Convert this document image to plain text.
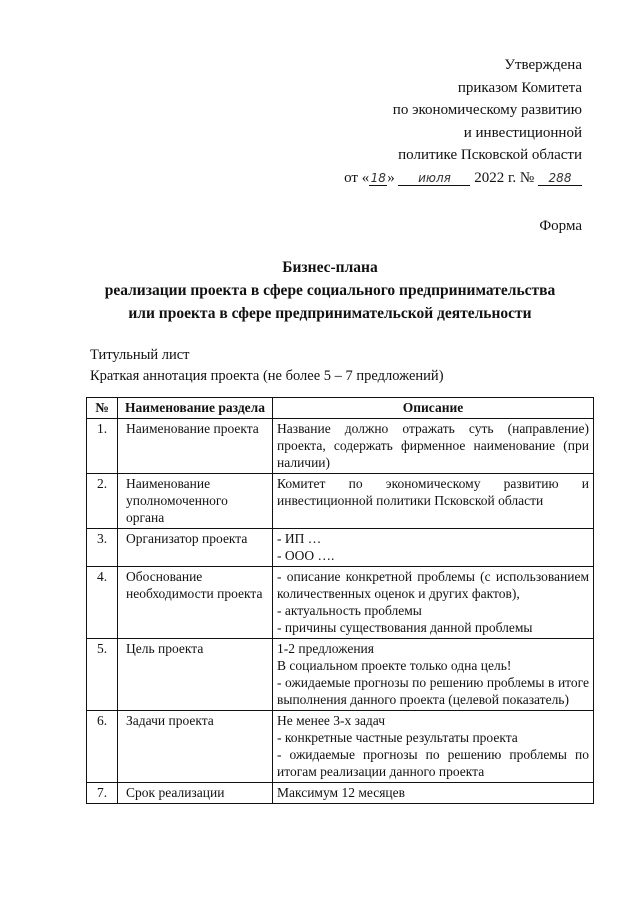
Утверждена
приказом Комитета
по экономическому развитию
и инвестиционной
политике Псковской области
от «18» июля 2022 г. № 288
Форма
Бизнес-плана
реализации проекта в сфере социального предпринимательства
или проекта в сфере предпринимательской деятельности
Титульный лист
Краткая аннотация проекта (не более 5 – 7 предложений)
№	Наименование раздела	Описание
1.	Наименование проекта	Название должно отражать суть (направление) проекта, содержать фирменное наименование (при наличии)

2.	Наименование уполномоченного органа	Комитет по экономическому развитию и инвестиционной политики Псковской области

3.	Организатор проекта	- ИП …
- ООО ….

4.	Обоснование необходимости проекта	- описание конкретной проблемы (с использованием количественных оценок и других фактов),
- актуальность проблемы
- причины существования данной проблемы

5.	Цель проекта	1-2 предложения
В социальном проекте только одна цель!
- ожидаемые прогнозы по решению проблемы в итоге выполнения данного проекта (целевой показатель)

6.	Задачи проекта	Не менее 3-х задач
- конкретные частные результаты проекта
- ожидаемые прогнозы по решению проблемы по итогам реализации данного проекта

7.	Срок реализации	Максимум 12 месяцев
